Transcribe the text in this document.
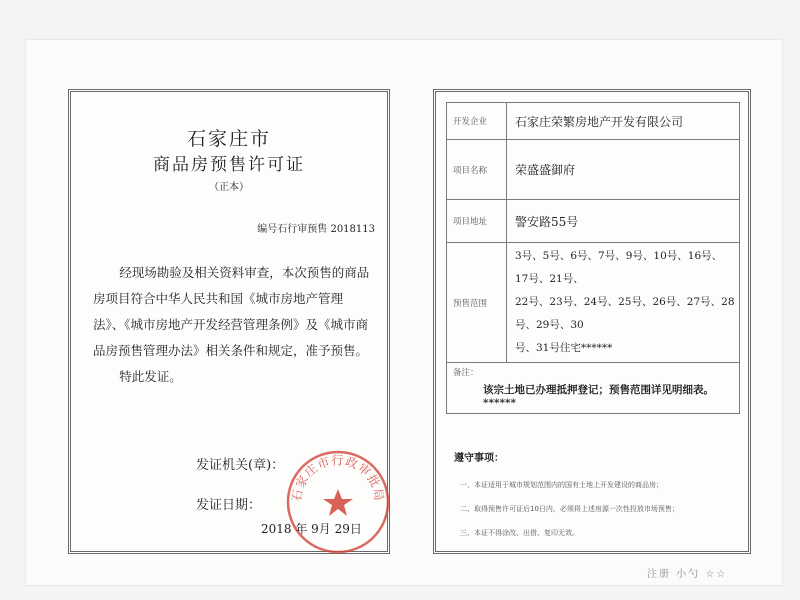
石家庄市
商品房预售许可证
（正本）
编号石行审预售 2018113

经现场勘验及相关资料审查，本次预售的商品房项目符合中华人民共和国《城市房地产管理法》、《城市房地产开发经营管理条例》及《城市商品房预售管理办法》相关条件和规定，准予预售。

特此发证。

发证机关(章)：
发证日期：
石家庄市行政审批局
2018 年 9月 29日
开发企业	石家庄荣繁房地产开发有限公司
项目名称	荣盛盛御府
项目地址	警安路55号
预售范围	3号、5号、6号、7号、9号、10号、16号、17号、21号、
22号、23号、24号、25号、26号、27号、28号、29号、30
号、31号住宅******

备注：
该宗土地已办理抵押登记；预售范围详见明细表。******	
遵守事项：
一、本证适用于城市规划范围内的国有土地上开发建设的商品房；
二、取得预售许可证后10日内，必须将上述房源一次性投放市场预售；
三、本证不得涂改、出借、复印无效。
注册 小勺 ☆☆
